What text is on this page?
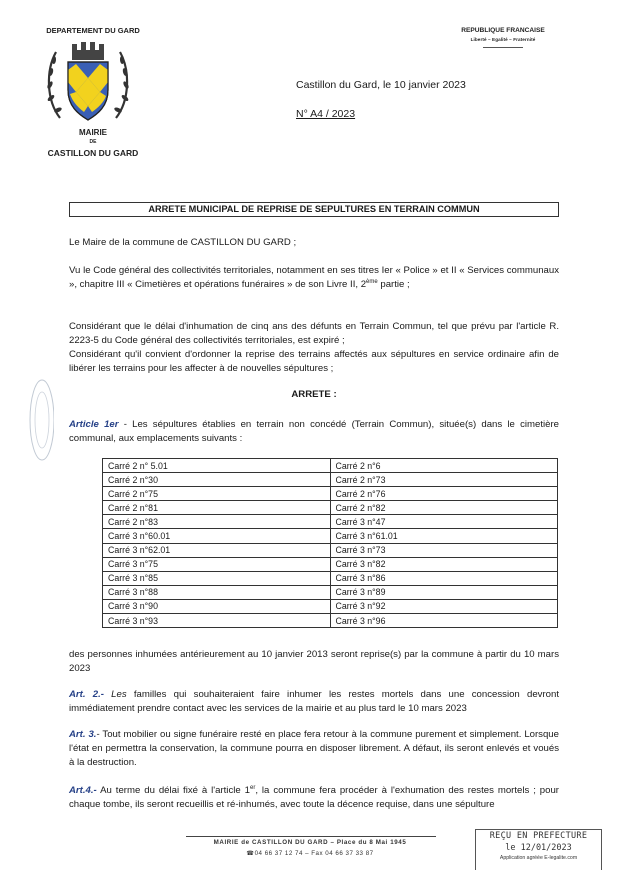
DEPARTEMENT DU GARD
MAIRIE
DE
CASTILLON DU GARD
REPUBLIQUE FRANCAISE
Liberté – Egalité – Fraternité
Castillon du Gard, le 10 janvier 2023
N° A4 / 2023
ARRETE MUNICIPAL DE REPRISE DE SEPULTURES EN TERRAIN COMMUN
Le Maire de la commune de CASTILLON DU GARD ;
Vu le Code général des collectivités territoriales, notamment en ses titres Ier « Police » et II « Services communaux », chapitre III « Cimetières et opérations funéraires » de son Livre II, 2ème partie ;
Considérant que le délai d'inhumation de cinq ans des défunts en Terrain Commun, tel que prévu par l'article R. 2223-5 du Code général des collectivités territoriales, est expiré ;
Considérant qu'il convient d'ordonner la reprise des terrains affectés aux sépultures en service ordinaire afin de libérer les terrains pour les affecter à de nouvelles sépultures ;
ARRETE :
Article 1er - Les sépultures établies en terrain non concédé (Terrain Commun), située(s) dans le cimetière communal, aux emplacements suivants :
Carré 2 n° 5.01	Carré 2 n°6
Carré 2 n°30	Carré 2 n°73
Carré 2 n°75	Carré 2 n°76
Carré 2 n°81	Carré 2 n°82
Carré 2 n°83	Carré 3 n°47
Carré 3 n°60.01	Carré 3 n°61.01
Carré 3 n°62.01	Carré 3 n°73
Carré 3 n°75	Carré 3 n°82
Carré 3 n°85	Carré 3 n°86
Carré 3 n°88	Carré 3 n°89
Carré 3 n°90	Carré 3 n°92
Carré 3 n°93	Carré 3 n°96
des personnes inhumées antérieurement au 10 janvier 2013 seront reprise(s) par la commune à partir du 10 mars 2023
Art. 2.- Les familles qui souhaiteraient faire inhumer les restes mortels dans une concession devront immédiatement prendre contact avec les services de la mairie et au plus tard le 10 mars 2023
Art. 3.- Tout mobilier ou signe funéraire resté en place fera retour à la commune purement et simplement. Lorsque l'état en permettra la conservation, la commune pourra en disposer librement. A défaut, ils seront enlevés et voués à la destruction.
Art.4.- Au terme du délai fixé à l'article 1er, la commune fera procéder à l'exhumation des restes mortels ; pour chaque tombe, ils seront recueillis et ré-inhumés, avec toute la décence requise, dans une sépulture
MAIRIE de CASTILLON DU GARD – Place du 8 Mai 1945
☎04 66 37 12 74 – Fax 04 66 37 33 87
REÇU EN PREFECTURE
le 12/01/2023
Application agréée E-legalite.com
